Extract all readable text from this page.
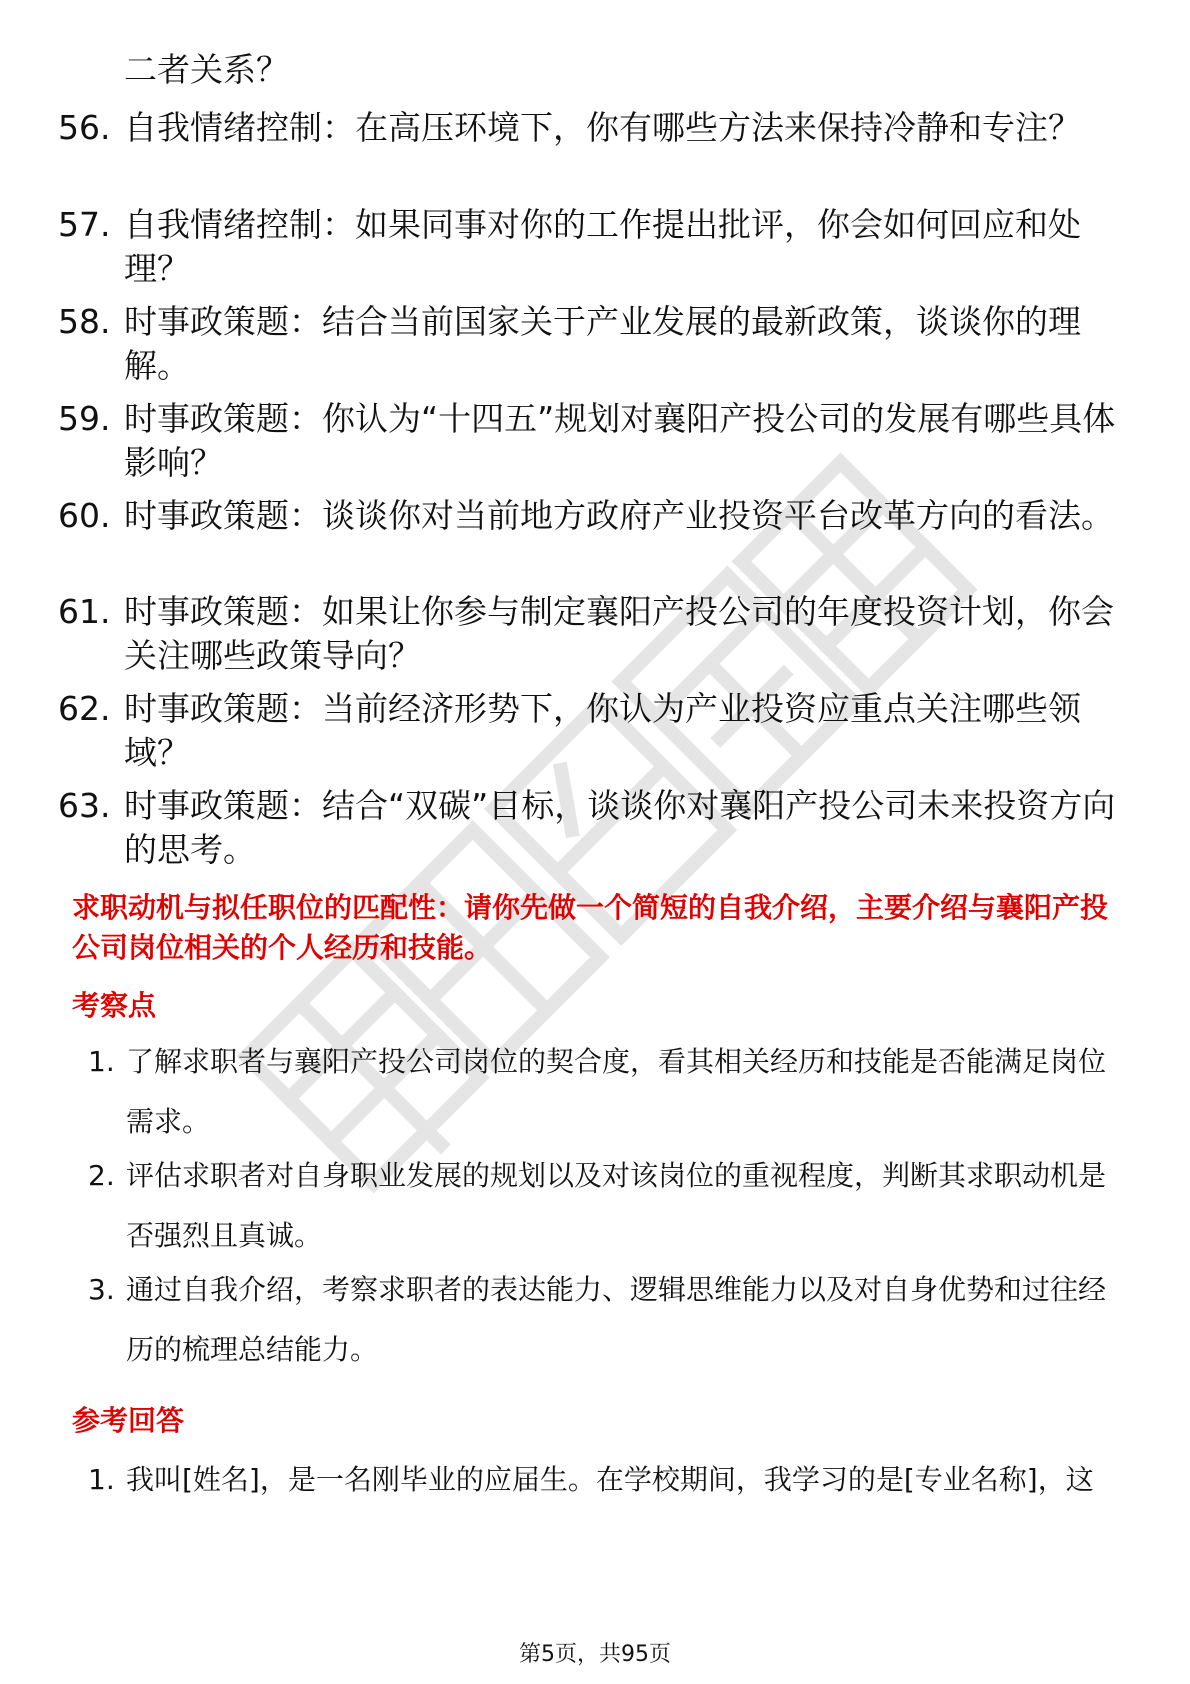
二者关系？
56. 自我情绪控制：在高压环境下，你有哪些方法来保持冷静和专注？
57. 自我情绪控制：如果同事对你的工作提出批评，你会如何回应和处理？
58. 时事政策题：结合当前国家关于产业发展的最新政策，谈谈你的理解。
59. 时事政策题：你认为“十四五”规划对襄阳产投公司的发展有哪些具体影响？
60. 时事政策题：谈谈你对当前地方政府产业投资平台改革方向的看法。
61. 时事政策题：如果让你参与制定襄阳产投公司的年度投资计划，你会关注哪些政策导向？
62. 时事政策题：当前经济形势下，你认为产业投资应重点关注哪些领域？
63. 时事政策题：结合“双碳”目标，谈谈你对襄阳产投公司未来投资方向的思考。
求职动机与拟任职位的匹配性：请你先做一个简短的自我介绍，主要介绍与襄阳产投公司岗位相关的个人经历和技能。
考察点
1. 了解求职者与襄阳产投公司岗位的契合度，看其相关经历和技能是否能满足岗位需求。
2. 评估求职者对自身职业发展的规划以及对该岗位的重视程度，判断其求职动机是否强烈且真诚。
3. 通过自我介绍，考察求职者的表达能力、逻辑思维能力以及对自身优势和过往经历的梳理总结能力。
参考回答
1. 我叫[姓名]，是一名刚毕业的应届生。在学校期间，我学习的是[专业名称]，这
第5页，共95页
